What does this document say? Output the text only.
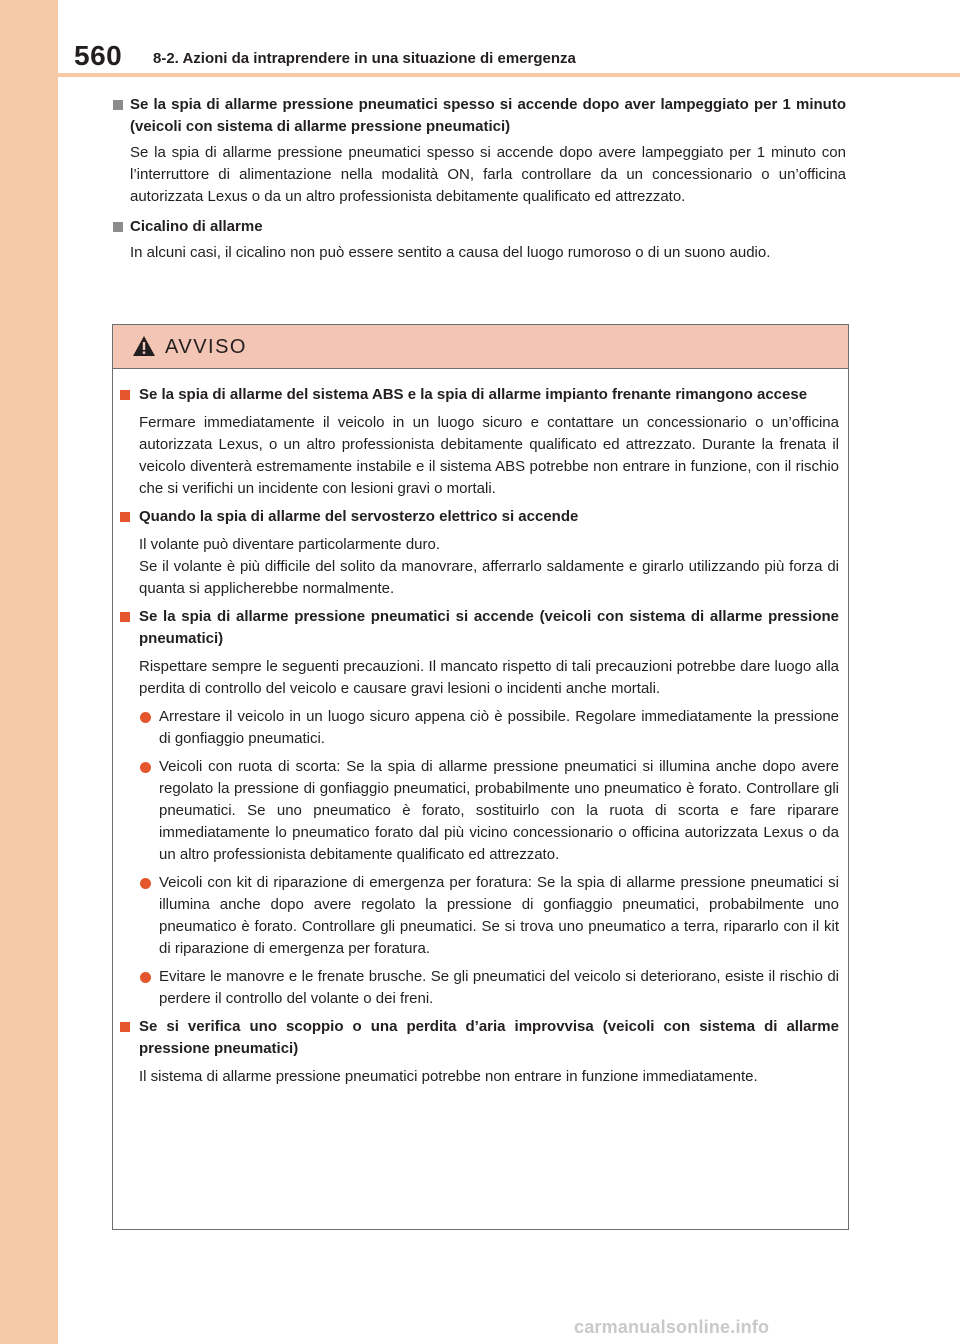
560 8-2. Azioni da intraprendere in una situazione di emergenza
Se la spia di allarme pressione pneumatici spesso si accende dopo aver lampeggiato per 1 minuto (veicoli con sistema di allarme pressione pneumatici)

Se la spia di allarme pressione pneumatici spesso si accende dopo avere lampeggiato per 1 minuto con l’interruttore di alimentazione nella modalità ON, farla controllare da un concessionario o un’officina autorizzata Lexus o da un altro professionista debitamente qualificato ed attrezzato.

Cicalino di allarme

In alcuni casi, il cicalino non può essere sentito a causa del luogo rumoroso o di un suono audio.

AVVISO
Se la spia di allarme del sistema ABS e la spia di allarme impianto frenante rimangono accese

Fermare immediatamente il veicolo in un luogo sicuro e contattare un concessionario o un’officina autorizzata Lexus, o un altro professionista debitamente qualificato ed attrezzato. Durante la frenata il veicolo diventerà estremamente instabile e il sistema ABS potrebbe non entrare in funzione, con il rischio che si verifichi un incidente con lesioni gravi o mortali.

Quando la spia di allarme del servosterzo elettrico si accende

Il volante può diventare particolarmente duro.

Se il volante è più difficile del solito da manovrare, afferrarlo saldamente e girarlo utilizzando più forza di quanta si applicherebbe normalmente.

Se la spia di allarme pressione pneumatici si accende (veicoli con sistema di allarme pressione pneumatici)

Rispettare sempre le seguenti precauzioni. Il mancato rispetto di tali precauzioni potrebbe dare luogo alla perdita di controllo del veicolo e causare gravi lesioni o incidenti anche mortali.

Arrestare il veicolo in un luogo sicuro appena ciò è possibile. Regolare immediatamente la pressione di gonfiaggio pneumatici.
Veicoli con ruota di scorta: Se la spia di allarme pressione pneumatici si illumina anche dopo avere regolato la pressione di gonfiaggio pneumatici, probabilmente uno pneumatico è forato. Controllare gli pneumatici. Se uno pneumatico è forato, sostituirlo con la ruota di scorta e fare riparare immediatamente lo pneumatico forato dal più vicino concessionario o officina autorizzata Lexus o da un altro professionista debitamente qualificato ed attrezzato.
Veicoli con kit di riparazione di emergenza per foratura: Se la spia di allarme pressione pneumatici si illumina anche dopo avere regolato la pressione di gonfiaggio pneumatici, probabilmente uno pneumatico è forato. Controllare gli pneumatici. Se si trova uno pneumatico a terra, ripararlo con il kit di riparazione di emergenza per foratura.
Evitare le manovre e le frenate brusche. Se gli pneumatici del veicolo si deteriorano, esiste il rischio di perdere il controllo del volante o dei freni.
Se si verifica uno scoppio o una perdita d’aria improvvisa (veicoli con sistema di allarme pressione pneumatici)

Il sistema di allarme pressione pneumatici potrebbe non entrare in funzione immediatamente.

carmanualsonline.info
